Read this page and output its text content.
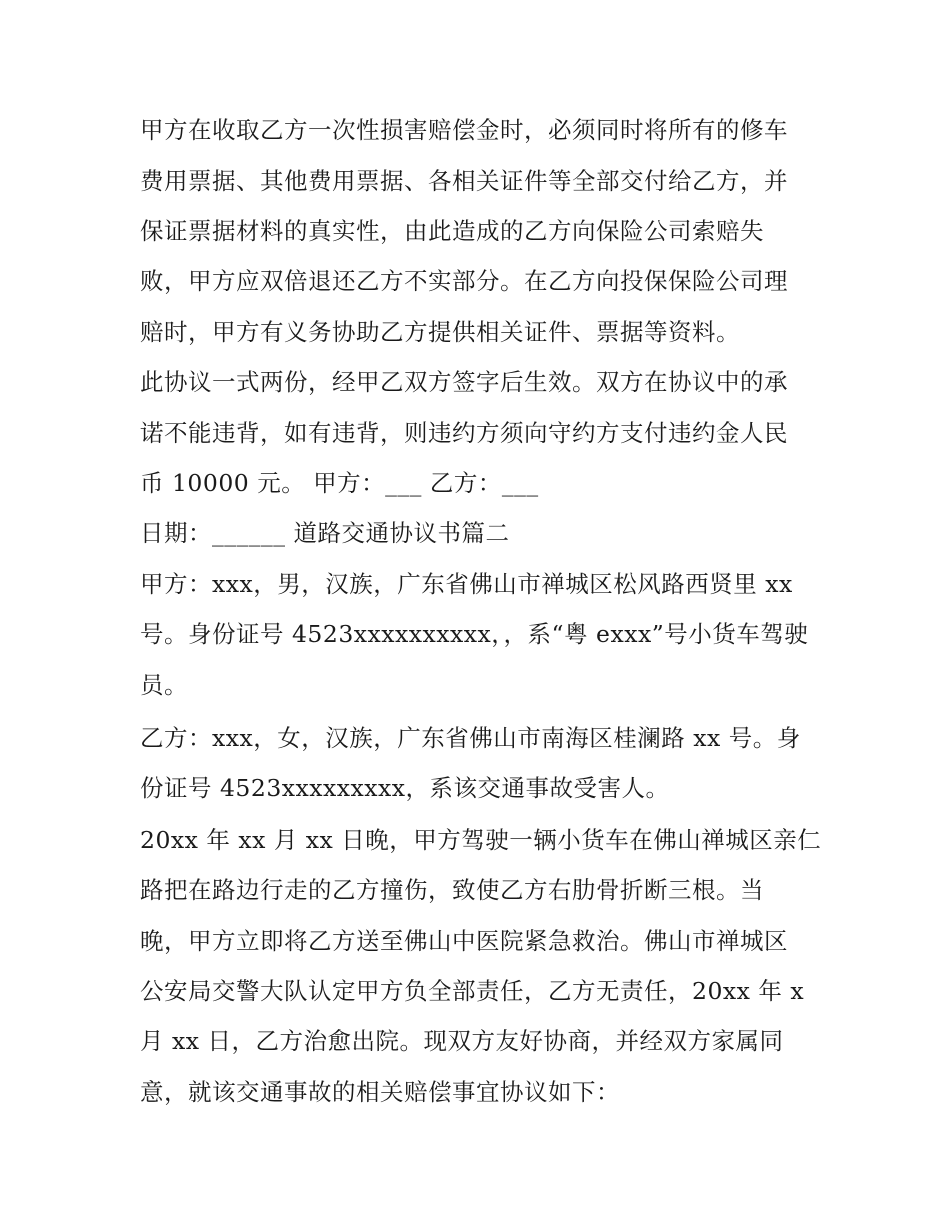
甲方在收取乙方一次性损害赔偿金时，必须同时将所有的修车
费用票据、其他费用票据、各相关证件等全部交付给乙方，并
保证票据材料的真实性，由此造成的乙方向保险公司索赔失
败，甲方应双倍退还乙方不实部分。在乙方向投保保险公司理
赔时，甲方有义务协助乙方提供相关证件、票据等资料。
此协议一式两份，经甲乙双方签字后生效。双方在协议中的承
诺不能违背，如有违背，则违约方须向守约方支付违约金人民
币 10000 元。 甲方：___ 乙方：___
日期：______ 道路交通协议书篇二
甲方：xxx，男，汉族，广东省佛山市禅城区松风路西贤里 xx
号。身份证号 4523xxxxxxxxxx，，系“粤 exxx”号小货车驾驶
员。
乙方：xxx，女，汉族，广东省佛山市南海区桂澜路 xx 号。身
份证号 4523xxxxxxxxx，系该交通事故受害人。
20xx 年 xx 月 xx 日晚，甲方驾驶一辆小货车在佛山禅城区亲仁
路把在路边行走的乙方撞伤，致使乙方右肋骨折断三根。当
晚，甲方立即将乙方送至佛山中医院紧急救治。佛山市禅城区
公安局交警大队认定甲方负全部责任，乙方无责任，20xx 年 x
月 xx 日，乙方治愈出院。现双方友好协商，并经双方家属同
意，就该交通事故的相关赔偿事宜协议如下：
